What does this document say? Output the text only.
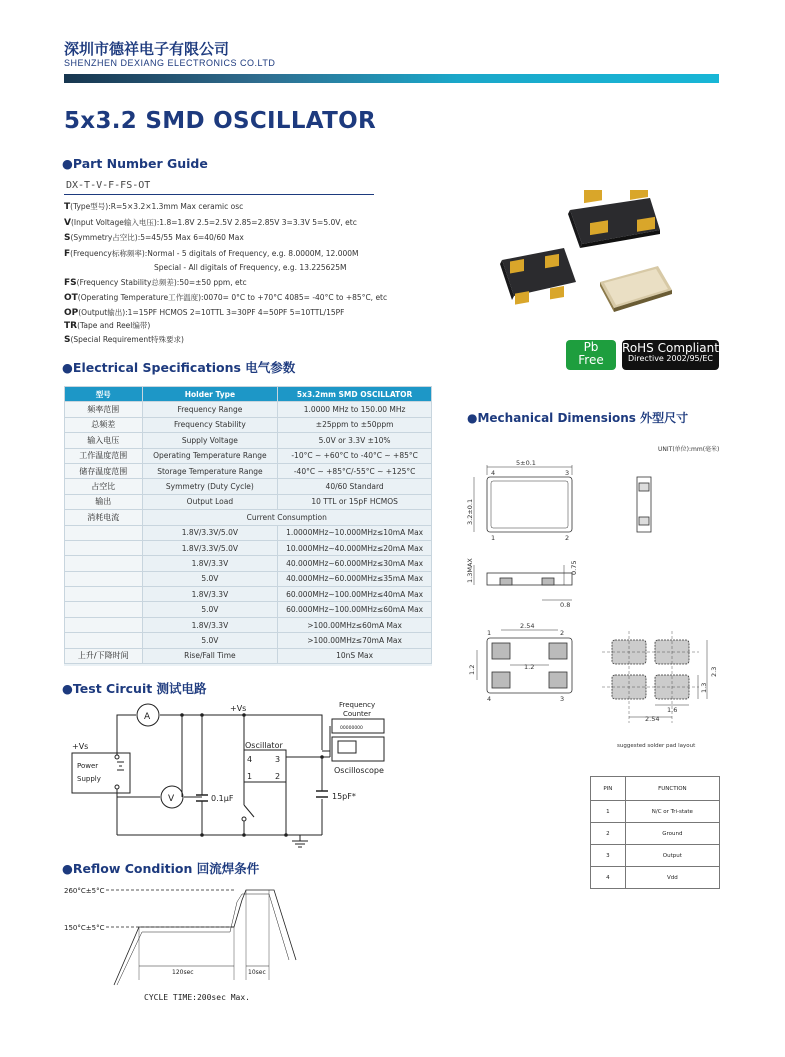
深圳市德祥电子有限公司
SHENZHEN DEXIANG ELECTRONICS CO.LTD
5x3.2 SMD OSCILLATOR
●Part Number Guide
DX-T-V-F-FS-OT
T(Type型号):R=5×3.2×1.3mm Max ceramic osc
V(Input Voltage输入电压):1.8=1.8V 2.5=2.5V 2.85=2.85V 3=3.3V 5=5.0V, etc
S(Symmetry占空比):5=45/55 Max 6=40/60 Max
F(Frequency标称频率):Normal - 5 digitals of Frequency, e.g. 8.0000M, 12.000M
Special - All digitals of Frequency, e.g. 13.225625M
FS(Frequency Stability总频差):50=±50 ppm, etc
OT(Operating Temperature工作温度):0070= 0°C to +70°C 4085= -40°C to +85°C, etc
OP(Output输出):1=15PF HCMOS 2=10TTL 3=30PF 4=50PF 5=10TTL/15PF
TR(Tape and Reel编带)
S(Special Requirement特殊要求)
Pb
Free
RoHS Compliant
Directive 2002/95/EC
●Electrical Specifications 电气参数
型号	Holder Type	5x3.2mm SMD OSCILLATOR
频率范围	Frequency Range	1.0000 MHz to 150.00 MHz
总频差	Frequency Stability	±25ppm to ±50ppm
输入电压	Supply Voltage	5.0V or 3.3V ±10%
工作温度范围	Operating Temperature Range	-10°C ~ +60°C to -40°C ~ +85°C
储存温度范围	Storage Temperature Range	-40°C ~ +85°C/-55°C ~ +125°C
占空比	Symmetry (Duty Cycle)	40/60 Standard
输出	Output Load	10 TTL or 15pF HCMOS
消耗电流	Current Consumption	
	1.8V/3.3V/5.0V	1.0000MHz~10.000MHz≤10mA Max
	1.8V/3.3V/5.0V	10.000MHz~40.000MHz≤20mA Max
	1.8V/3.3V	40.000MHz~60.000MHz≤30mA Max
	5.0V	40.000MHz~60.000MHz≤35mA Max
	1.8V/3.3V	60.000MHz~100.00MHz≤40mA Max
	5.0V	60.000MHz~100.00MHz≤60mA Max
	1.8V/3.3V	>100.00MHz≤60mA Max
	5.0V	>100.00MHz≤70mA Max
上升/下降时间	Rise/Fall Time	10nS Max
●Mechanical Dimensions 外型尺寸
UNIT(单位):mm(毫米)
5±0.1
4	3
1	2
3.2±0.1
1.3MAX	0.75
0.8
2.54
1	2
4	3
1.2	1.2
2.54
1.6
2.3
1.3
suggested solder pad layout
PIN	FUNCTION
1	N/C or Tri-state
2	Ground
3	Output
4	Vdd
●Test Circuit 测试电路
+Vs
+Vs
Power
Supply
A
V	0.1μF	15pF*
Oscillator
4	3
1	2
Frequency
Counter
00000000
Oscilloscope
●Reflow Condition 回流焊条件
260°C±5°C
150°C±5°C
120sec	10sec
CYCLE TIME:200sec Max.
